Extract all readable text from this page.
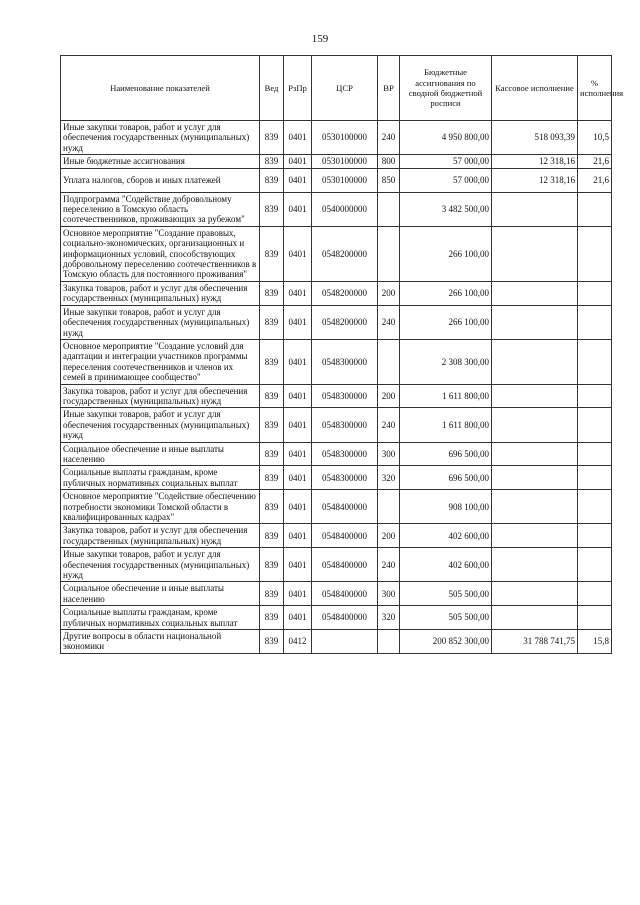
159
Наименование показателей	Вед	РзПр	ЦСР	ВР	Бюджетные ассигнования по сводной бюджетной росписи	Кассовое исполнение	% исполнения
Иные закупки товаров, работ и услуг для обеспечения государственных (муниципальных) нужд	839	0401	0530100000	240	4 950 800,00	518 093,39	10,5
Иные бюджетные ассигнования	839	0401	0530100000	800	57 000,00	12 318,16	21,6
Уплата налогов, сборов и иных платежей	839	0401	0530100000	850	57 000,00	12 318,16	21,6
Подпрограмма "Содействие добровольному переселению в Томскую область соотечественников, проживающих за рубежом"	839	0401	0540000000		3 482 500,00		
Основное мероприятие "Создание правовых, социально-экономических, организационных и информационных условий, способствующих добровольному переселению соотечественников в Томскую область для постоянного проживания"	839	0401	0548200000		266 100,00		
Закупка товаров, работ и услуг для обеспечения государственных (муниципальных) нужд	839	0401	0548200000	200	266 100,00		
Иные закупки товаров, работ и услуг для обеспечения государственных (муниципальных) нужд	839	0401	0548200000	240	266 100,00		
Основное мероприятие "Создание условий для адаптации и интеграции участников программы переселения соотечественников и членов их семей в принимающее сообщество"	839	0401	0548300000		2 308 300,00		
Закупка товаров, работ и услуг для обеспечения государственных (муниципальных) нужд	839	0401	0548300000	200	1 611 800,00		
Иные закупки товаров, работ и услуг для обеспечения государственных (муниципальных) нужд	839	0401	0548300000	240	1 611 800,00		
Социальное обеспечение и иные выплаты населению	839	0401	0548300000	300	696 500,00		
Социальные выплаты гражданам, кроме публичных нормативных социальных выплат	839	0401	0548300000	320	696 500,00		
Основное мероприятие "Содействие обеспечению потребности экономики Томской области в квалифицированных кадрах"	839	0401	0548400000		908 100,00		
Закупка товаров, работ и услуг для обеспечения государственных (муниципальных) нужд	839	0401	0548400000	200	402 600,00		
Иные закупки товаров, работ и услуг для обеспечения государственных (муниципальных) нужд	839	0401	0548400000	240	402 600,00		
Социальное обеспечение и иные выплаты населению	839	0401	0548400000	300	505 500,00		
Социальные выплаты гражданам, кроме публичных нормативных социальных выплат	839	0401	0548400000	320	505 500,00		
Другие вопросы в области национальной экономики	839	0412			200 852 300,00	31 788 741,75	15,8
